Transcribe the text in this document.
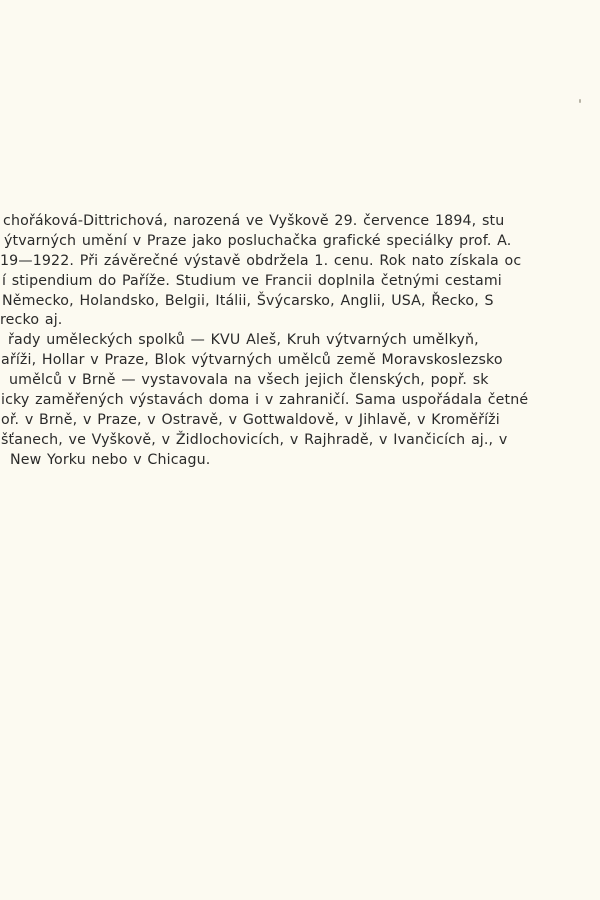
chořáková-Dittrichová, narozená ve Vyškově 29. července 1894, stu
ýtvarných umění v Praze jako posluchačka grafické speciálky prof. A.
19—1922. Při závěrečné výstavě obdržela 1. cenu. Rok nato získala oc
í stipendium do Paříže. Studium ve Francii doplnila četnými cestami
Německo, Holandsko, Belgii, Itálii, Švýcarsko, Anglii, USA, Řecko, S
recko aj.
řady uměleckých spolků — KVU Aleš, Kruh výtvarných umělkyň,
aříži, Hollar v Praze, Blok výtvarných umělců země Moravskoslezsko
umělců v Brně — vystavovala na všech jejich členských, popř. sk
icky zaměřených výstavách doma i v zahraničí. Sama uspořádala četné
oř. v Brně, v Praze, v Ostravě, v Gottwaldově, v Jihlavě, v Kroměříži
šťanech, ve Vyškově, v Židlochovicích, v Rajhradě, v Ivančicích aj., v
New Yorku nebo v Chicagu.
